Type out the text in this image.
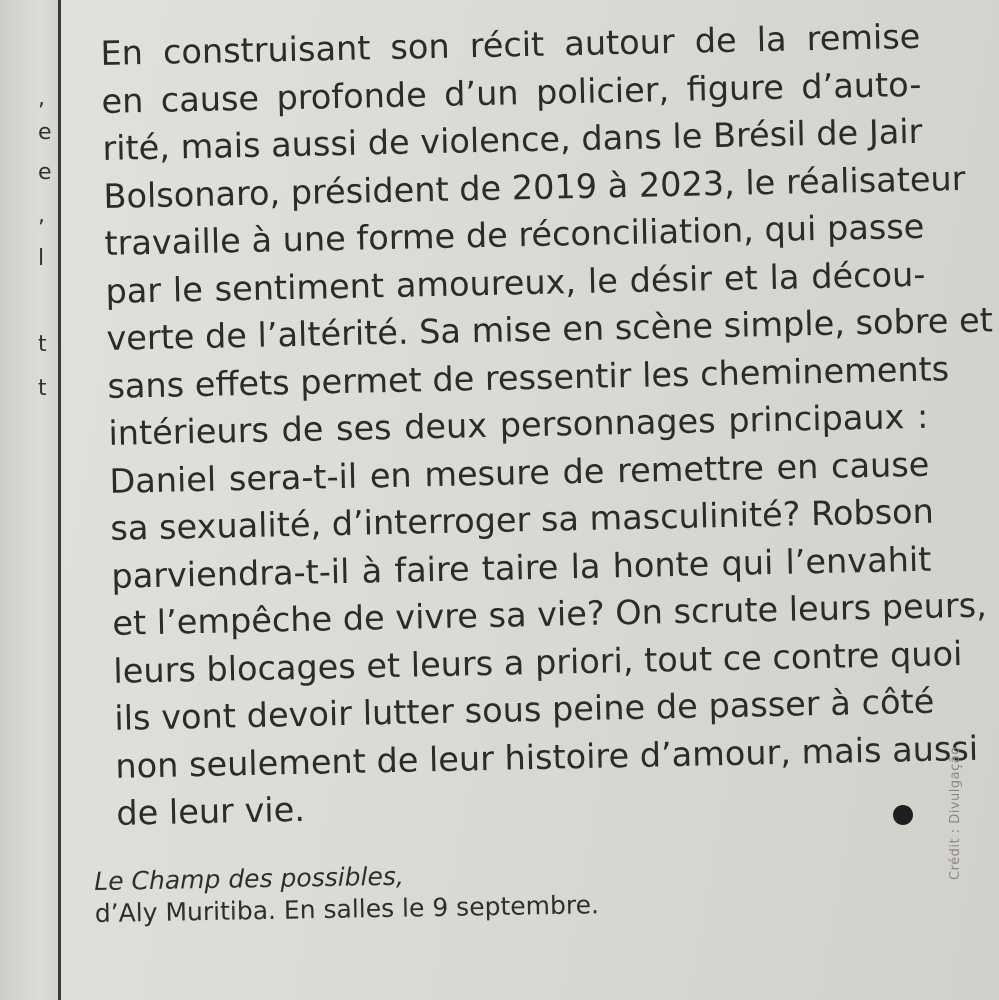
,
e
e
,
l
t
t
En construisant son récit autour de la remise
en cause profonde d’un policier, figure d’auto-
rité, mais aussi de violence, dans le Brésil de Jair
Bolsonaro, président de 2019 à 2023, le réalisateur
travaille à une forme de réconciliation, qui passe
par le sentiment amoureux, le désir et la décou-
verte de l’altérité. Sa mise en scène simple, sobre et
sans effets permet de ressentir les cheminements
intérieurs de ses deux personnages principaux :
Daniel sera-t-il en mesure de remettre en cause
sa sexualité, d’interroger sa masculinité? Robson
parviendra-t-il à faire taire la honte qui l’envahit
et l’empêche de vivre sa vie? On scrute leurs peurs,
leurs blocages et leurs a priori, tout ce contre quoi
ils vont devoir lutter sous peine de passer à côté
non seulement de leur histoire d’amour, mais aussi
de leur vie.
Le Champ des possibles,
d’Aly Muritiba. En salles le 9 septembre.
Crédit : Divulgação
